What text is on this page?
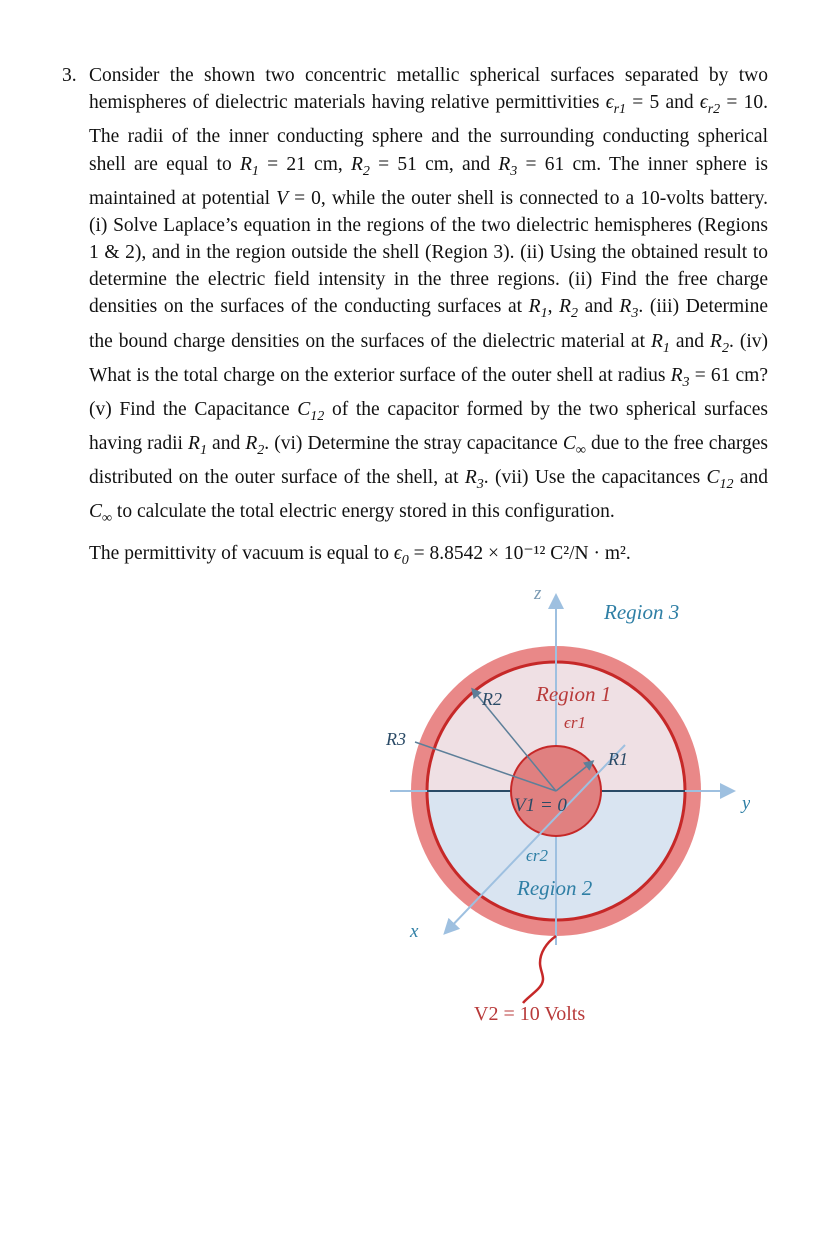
3. Consider the shown two concentric metallic spherical surfaces separated by two hemispheres of dielectric materials having relative permittivities $\epsilon_{r1} = 5$ and $\epsilon_{r2} = 10$. The radii of the inner conducting sphere and the surrounding conducting spherical shell are equal to $R_1 = 21$ cm, $R_2 = 51$ cm, and $R_3 = 61$ cm. The inner sphere is maintained at potential V = 0, while the outer shell is connected to a 10-volts battery. (i) Solve Laplace’s equation in the regions of the two dielectric hemispheres (Regions 1 & 2), and in the region outside the shell (Region 3). (ii) Using the obtained result to determine the electric field intensity in the three regions. (ii) Find the free charge densities on the surfaces of the conducting surfaces at $R_1$, $R_2$ and $R_3$. (iii) Determine the bound charge densities on the surfaces of the dielectric material at $R_1$ and $R_2$. (iv) What is the total charge on the exterior surface of the outer shell at radius $R_3 = 61$ cm? (v) Find the Capacitance $C_{12}$ of the capacitor formed by the two spherical surfaces having radii $R_1$ and $R_2$. (vi) Determine the stray capacitance $C_\infty$ due to the free charges distributed on the outer surface of the shell, at $R_3$. (vii) Use the capacitances $C_{12}$ and $C_\infty$ to calculate the total electric energy stored in this configuration.
The permittivity of vacuum is equal to $\epsilon_0 = 8.8542 \times 10^{-12}$ C²/N · m².
z
y
x
Region 3
Region 1
ϵr1
Region 2
ϵr2
R1
R2
R3
V1 = 0
V2 = 10 Volts
